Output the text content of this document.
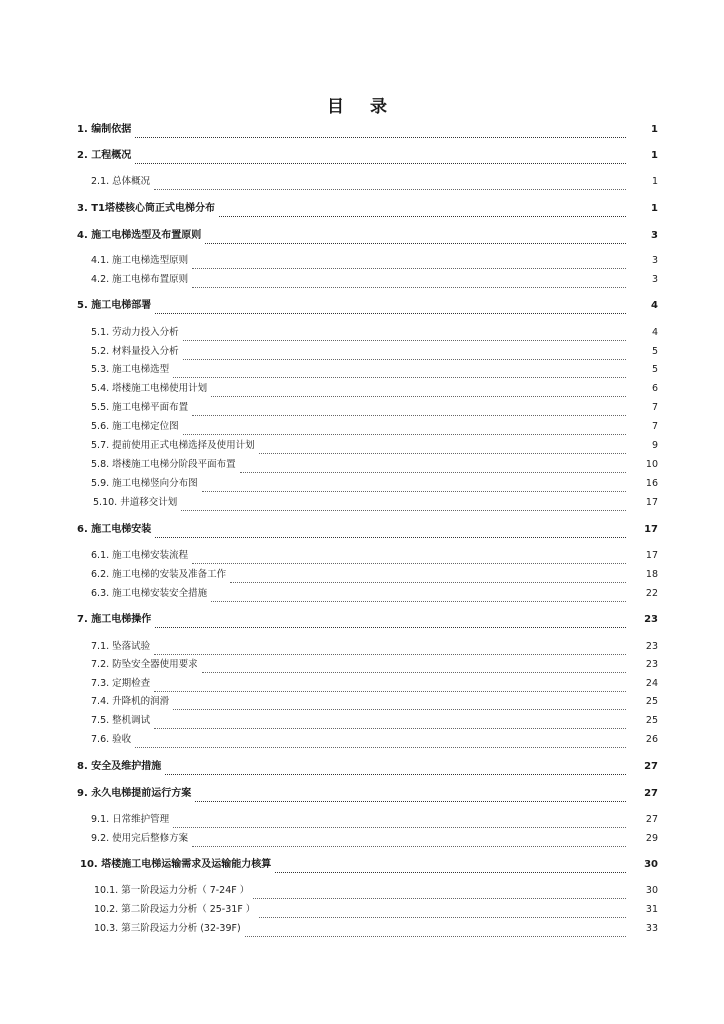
目 录
1. 编制依据	1
2. 工程概况	1
2.1. 总体概况	1
3. T1塔楼核心筒正式电梯分布	1
4. 施工电梯选型及布置原则	3
4.1. 施工电梯选型原则	3
4.2. 施工电梯布置原则	3
5. 施工电梯部署	4
5.1. 劳动力投入分析	4
5.2. 材料量投入分析	5
5.3. 施工电梯选型	5
5.4. 塔楼施工电梯使用计划	6
5.5. 施工电梯平面布置	7
5.6. 施工电梯定位图	7
5.7. 提前使用正式电梯选择及使用计划	9
5.8. 塔楼施工电梯分阶段平面布置	10
5.9. 施工电梯竖向分布图	16
5.10. 井道移交计划	17
6. 施工电梯安装	17
6.1. 施工电梯安装流程	17
6.2. 施工电梯的安装及准备工作	18
6.3. 施工电梯安装安全措施	22
7. 施工电梯操作	23
7.1. 坠落试验	23
7.2. 防坠安全器使用要求	23
7.3. 定期检查	24
7.4. 升降机的润滑	25
7.5. 整机调试	25
7.6. 验收	26
8. 安全及维护措施	27
9. 永久电梯提前运行方案	27
9.1. 日常维护管理	27
9.2. 使用完后整修方案	29
10. 塔楼施工电梯运输需求及运输能力核算	30
10.1. 第一阶段运力分析（ 7-24F ）	30
10.2. 第二阶段运力分析（ 25-31F ）	31
10.3. 第三阶段运力分析 (32-39F)	33
